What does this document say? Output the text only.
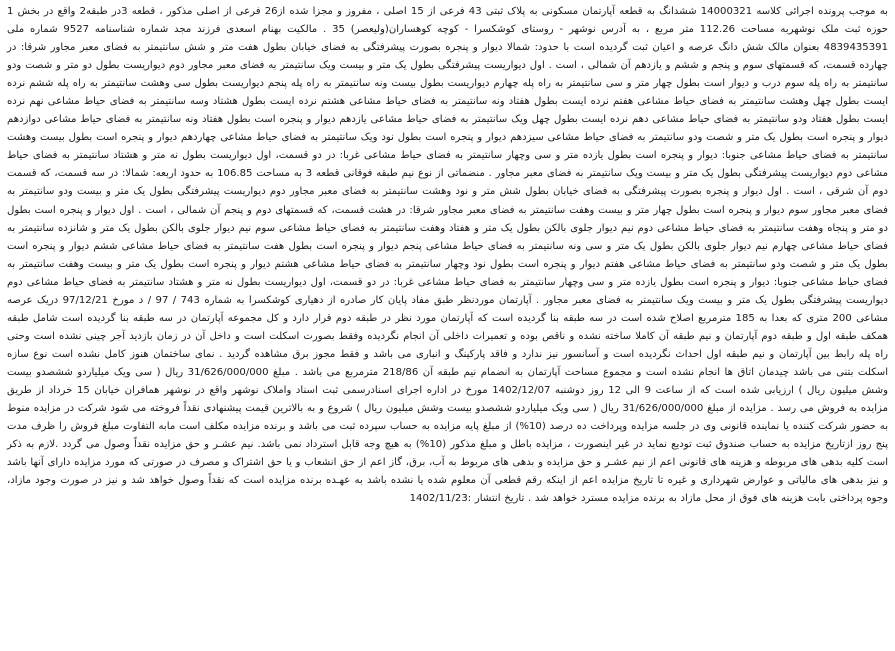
به موجب پرونده اجرائی کلاسه 14000321 ششدانگ به قطعه آپارتمان مسکونی به پلاک ثبتی 43 فرعی از 15 اصلی ، مفروز و مجزا شده از26 فرعی از اصلی مذکور ، قطعه 3در طبقه2 واقع در بخش 1 حوزه ثبت ملک نوشهربه مساحت 112.26 متر مربع ، به آدرس نوشهر - روستای کوشکسرا - کوچه کوهساران(ولیعصر) 35 . مالکیت بهنام اسعدی فرزند مجد شماره شناسنامه 9527 شماره ملی 4839435391 بعنوان مالک شش دانگ عرصه و اعیان ثبت گردیده است با حدود: شمالا دیوار و پنجره بصورت پیشرفتگی به فضای خیابان بطول هفت متر و شش سانتیمتر به فضای معبر مجاور شرقا: در چهارده قسمت، که قسمتهای سوم و پنجم و ششم و یازدهم آن شمالی ، است . اول دیواریست پیشرفتگی بطول یک متر و بیست ویک سانتیمتر به فضای معبر مجاور دوم دیواریست بطول دو متر و شصت ودو سانتیمتر به راه پله سوم درب و دیوار است بطول چهار متر و سی سانتیمتر به راه پله چهارم دیواریست بطول بیست ونه سانتیمتر به راه پله پنجم دیواریست بطول سی وهشت سانتیمتر به راه پله ششم نرده ایست بطول چهل وهشت سانتیمتر به فضای حیاط مشاعی هفتم نرده ایست بطول هفتاد ونه سانتیمتر به فضای حیاط مشاعی هشتم نرده ایست بطول هشتاد وسه سانتیمتر به فضای حیاط مشاعی نهم نرده ایست بطول هفتاد ودو سانتیمتر به فضای حیاط مشاعی دهم نرده ایست بطول چهل ویک سانتیمتر به فضای حیاط مشاعی یازدهم دیوار و پنجره است بطول هفتاد ونه سانتیمتر به فضای حیاط مشاعی دوازدهم دیوار و پنجره است بطول یک متر و شصت ودو سانتیمتر به فضای حیاط مشاعی سیزدهم دیوار و پنجره است بطول نود ویک سانتیمتر به فضای حیاط مشاعی چهاردهم دیوار و پنجره است بطول بیست وهشت سانتیمتر به فضای حیاط مشاعی جنوبا: دیوار و پنجره است بطول یازده متر و سی وچهار سانتیمتر به فضای حیاط مشاعی غربا: در دو قسمت، اول دیواریست بطول نه متر و هشتاد سانتیمتر به فضای حیاط مشاعی دوم دیواریست پیشرفتگی بطول یک متر و بیست ویک سانتیمتر به فضای معبر مجاور . منضماتی از نوع نیم طبقه فوقانی قطعه 3 به مساحت 106.85 به حدود اربعه: شمالا: در سه قسمت، که قسمت دوم آن شرقی ، است . اول دیوار و پنجره بصورت پیشرفتگی به فضای خیابان بطول شش متر و نود وهشت سانتیمتر به فضای معبر مجاور دوم دیواریست پیشرفتگی بطول یک متر و بیست ودو سانتیمتر به فضای معبر مجاور سوم دیوار و پنجره است بطول چهار متر و بیست وهفت سانتیمتر به فضای معبر مجاور شرقا: در هشت قسمت، که قسمتهای دوم و پنجم آن شمالی ، است . اول دیوار و پنجره است بطول دو متر و پنجاه وهفت سانتیمتر به فضای حیاط مشاعی دوم نیم دیوار جلوی بالکن بطول یک متر و هفتاد وهفت سانتیمتر به فضای حیاط مشاعی سوم نیم دیوار جلوی بالکن بطول یک متر و شانزده سانتیمتر به فضای حیاط مشاعی چهارم نیم دیوار جلوی بالکن بطول یک متر و سی ونه سانتیمتر به فضای حیاط مشاعی پنجم دیوار و پنجره است بطول هفت سانتیمتر به فضای حیاط مشاعی ششم دیوار و پنجره است بطول یک متر و شصت ودو سانتیمتر به فضای حیاط مشاعی هفتم دیوار و پنجره است بطول نود وچهار سانتیمتر به فضای حیاط مشاعی هشتم دیوار و پنجره است بطول یک متر و بیست وهفت سانتیمتر به فضای حیاط مشاعی جنوبا: دیوار و پنجره است بطول یازده متر و سی وچهار سانتیمتر به فضای حیاط مشاعی غربا: در دو قسمت، اول دیواریست بطول نه متر و هشتاد سانتیمتر به فضای حیاط مشاعی دوم دیواریست پیشرفتگی بطول یک متر و بیست ویک سانتیمتر به فضای معبر مجاور . آپارتمان موردنظر طبق مفاد پایان کار صادره از دهیاری کوشکسرا به شماره 743 / 97 / د مورخ 97/12/21 دریک عرصه مشاعی 200 متری که بعدا به 185 مترمربع اصلاح شده است در سه طبقه بنا گردیده است که آپارتمان مورد نظر در طبقه دوم قرار دارد و کل مجموعه آپارتمان در سه طبقه بنا گردیده است شامل طبقه همکف طبقه اول و طبقه دوم آپارتمان و نیم طبقه آن کاملا ساخته نشده و ناقص بوده و تعمیرات داخلی آن انجام نگردیده وفقط بصورت اسکلت است و داخل آن در زمان بازدید آجر چینی نشده است وحتی راه پله رابط بین آپارتمان و نیم طبقه اول احداث نگردیده است و آسانسور نیز ندارد و فاقد پارکینگ و انباری می باشد و فقط مجوز برق مشاهده گردید . نمای ساختمان هنوز کامل نشده است نوع سازه اسکلت بتنی می باشد چیدمان اتاق ها انجام نشده است و مجموع مساحت آپارتمان به انضمام نیم طبقه آن 218/86 مترمربع می باشد . مبلغ 31/626/000/000 ریال ( سی ویک میلیاردو ششصدو بیست وشش میلیون ریال ) ارزیابی شده است که از ساعت 9 الی 12 روز دوشنبه 1402/12/07 مورخ در اداره اجرای اسنادرسمی ثبت اسناد واملاک نوشهر واقع در نوشهر همافران خیابان 15 خرداد از طریق مزایده به فروش می رسد . مزایده از مبلغ 31/626/000/000 ریال ( سی ویک میلیاردو ششصدو بیست وشش میلیون ریال ) شروع و به بالاترین قیمت پیشنهادی نقداً فروخته می شود شرکت در مزایده منوط به حضور شرکت کننده یا نماینده قانونی وی در جلسه مزایده وپرداخت ده درصد (10%) از مبلغ پایه مزایده به حساب سپرده ثبت می باشد و برنده مزایده مکلف است مابه التفاوت مبلغ فروش را ظرف مدت پنج روز ازتاریخ مزایده به حساب صندوق ثبت تودیع نماید در غیر اینصورت ، مزایده باطل و مبلغ مذکور (10%) به هیچ وجه قابل استرداد نمی باشد. نیم عشـر و حق مزایده نقداً وصول می گردد .لازم به ذکر است کلیه بدهی های مربوطه و هزینه های قانونی اعم از نیم عشـر و حق مزایده و بدهی های مربوط به آب، برق، گاز اعم از حق انشعاب و یا حق اشتراک و مصرف در صورتی که مورد مزایده دارای آنها باشد و نیز بدهی های مالیاتی و عوارض شهرداری و غیره تا تاریخ مزایده اعم از اینکه رقم قطعی آن معلوم شده یا نشده باشد به عهـده برنده مزایده است که نقداً وصول خواهد شد و نیز در صورت وجود مازاد، وجوه پرداختی بابت هزینه های فوق از محل مازاد به برنده مزایده مسترد خواهد شد . تاریخ انتشار :1402/11/23
